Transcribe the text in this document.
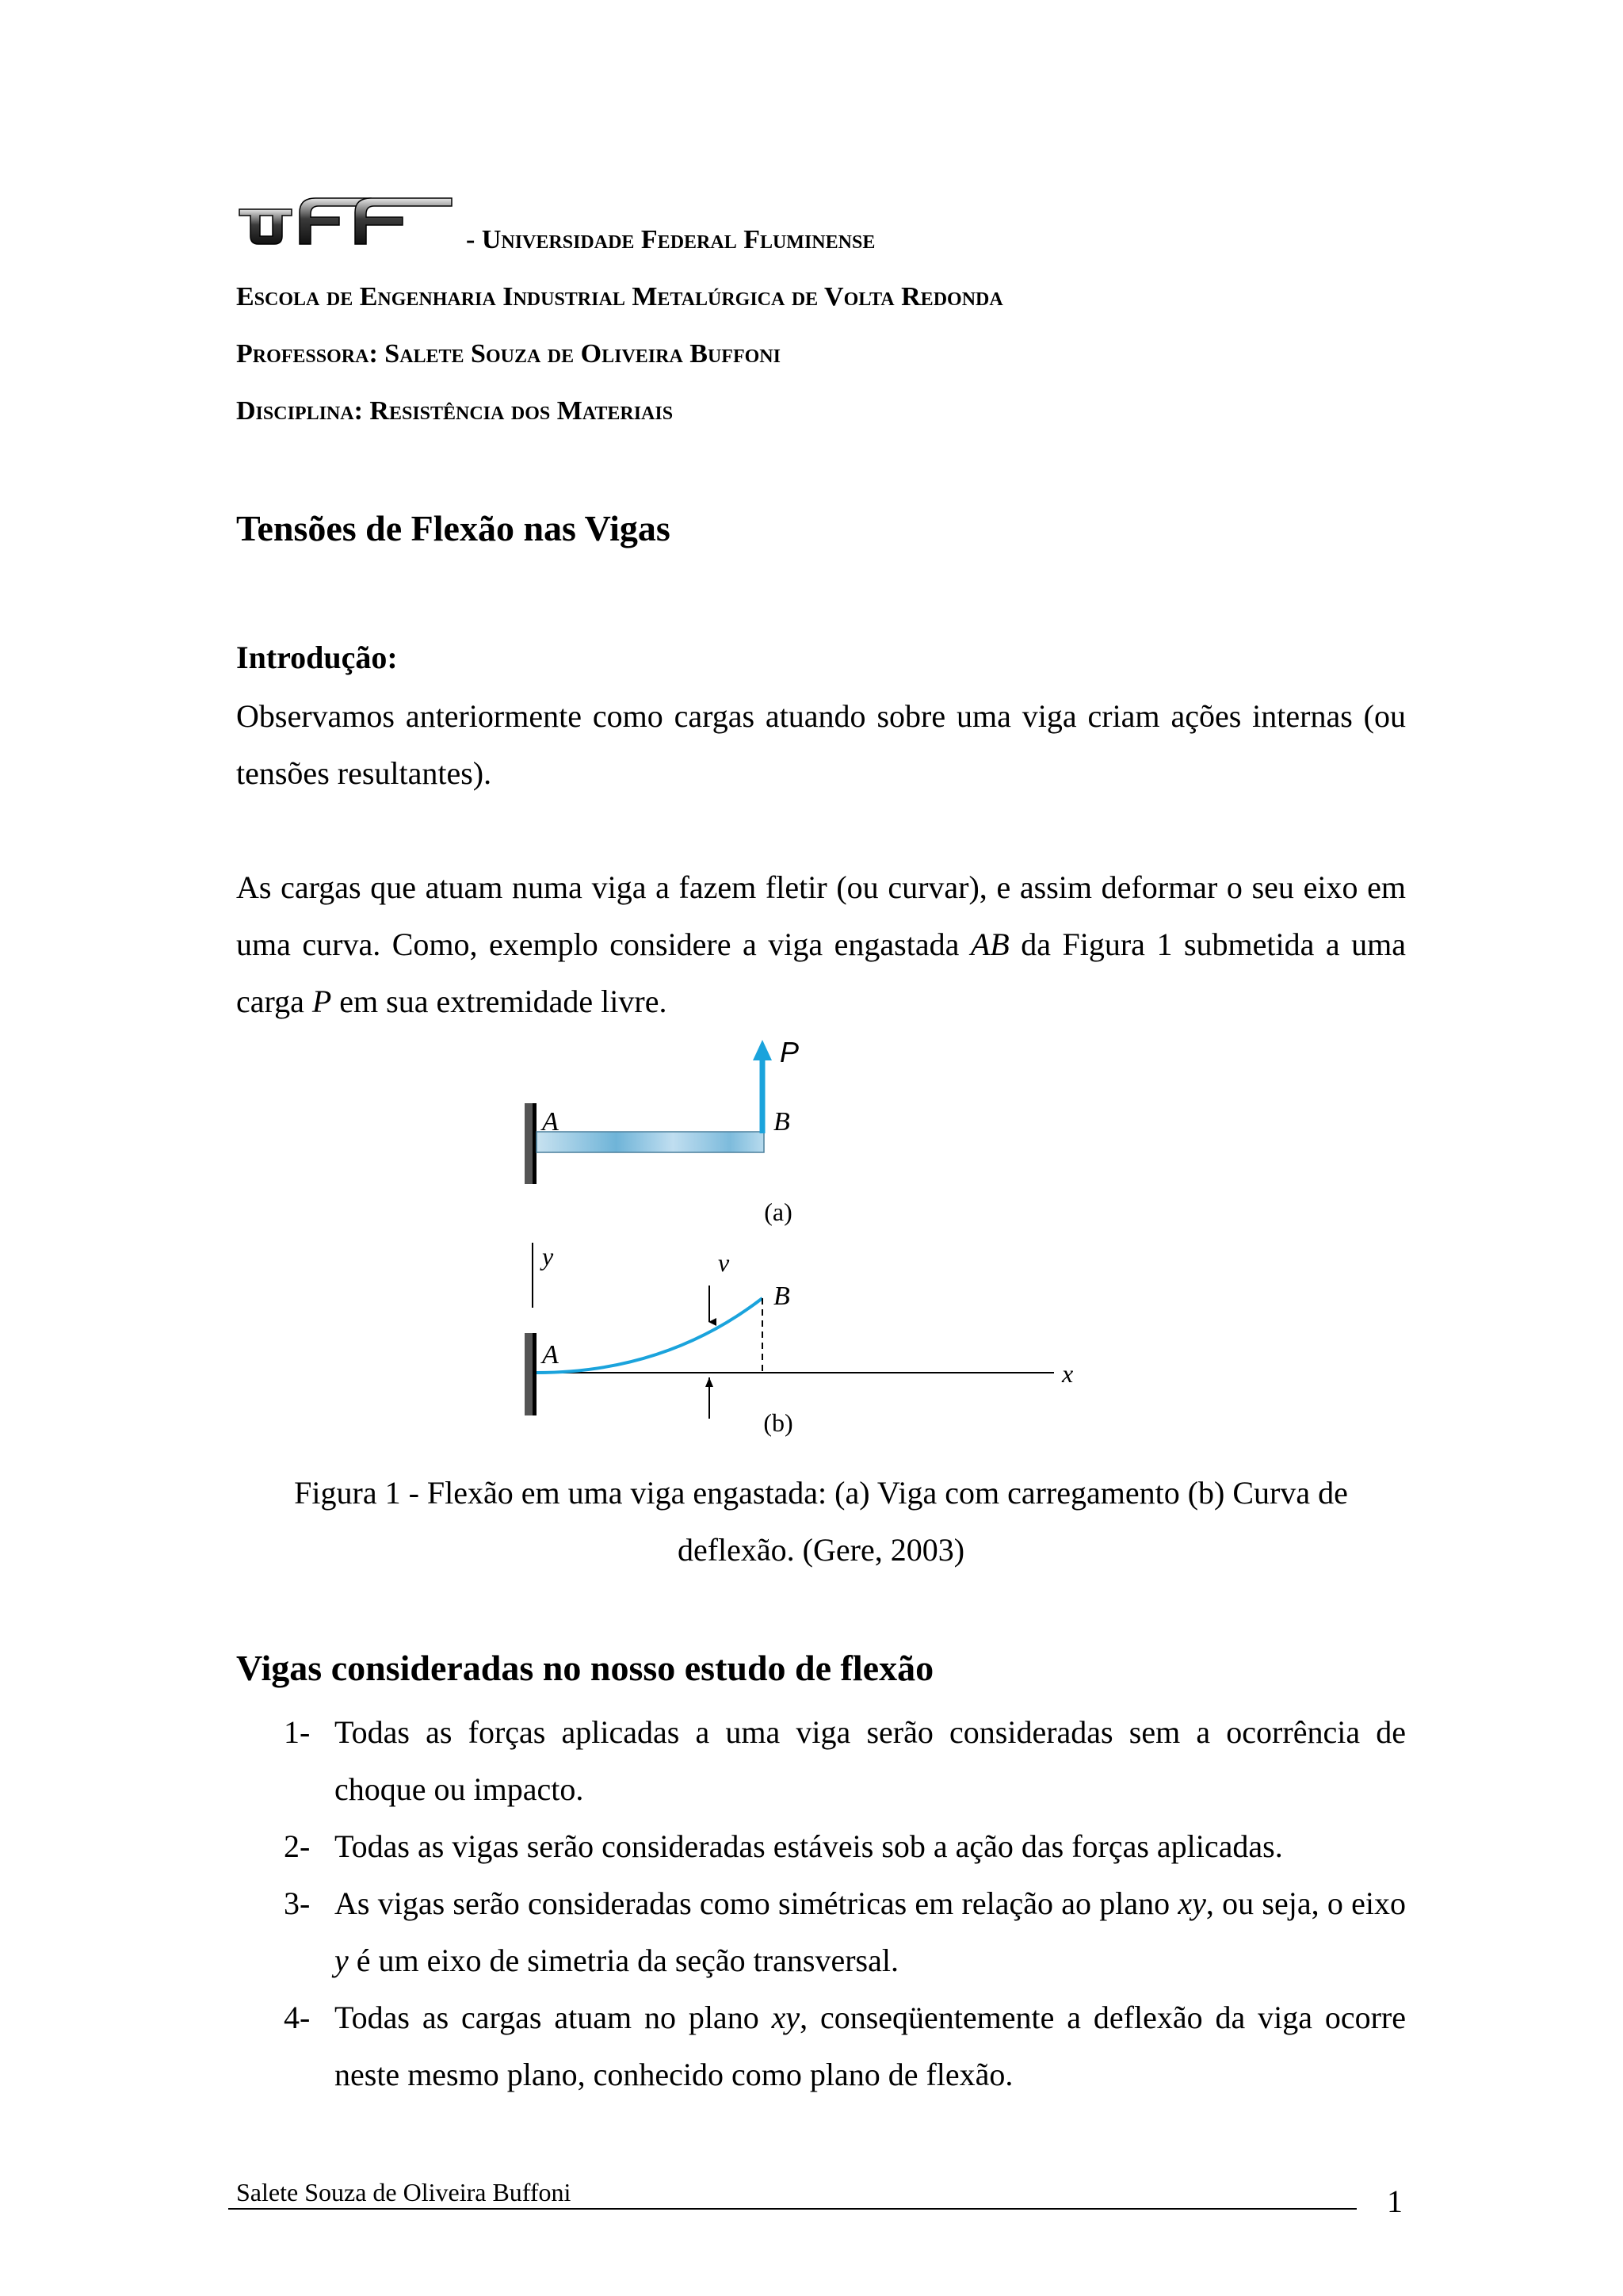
- Universidade Federal Fluminense
Escola de Engenharia Industrial Metalúrgica de Volta Redonda
Professora: Salete Souza de Oliveira Buffoni
Disciplina: Resistência dos Materiais
Tensões de Flexão nas Vigas
Introdução:
Observamos anteriormente como cargas atuando sobre uma viga criam ações internas (ou tensões resultantes).
As cargas que atuam numa viga a fazem fletir (ou curvar), e assim deformar o seu eixo em uma curva. Como, exemplo considere a viga engastada AB da Figura 1 submetida a uma carga P em sua extremidade livre.
P
A	B
(a)
y
x
B
A
v
(b)
Figura 1 - Flexão em uma viga engastada: (a) Viga com carregamento (b) Curva de deflexão. (Gere, 2003)
Vigas consideradas no nosso estudo de flexão
1- Todas as forças aplicadas a uma viga serão consideradas sem a ocorrência de choque ou impacto.
2- Todas as vigas serão consideradas estáveis sob a ação das forças aplicadas.
3- As vigas serão consideradas como simétricas em relação ao plano xy, ou seja, o eixo y é um eixo de simetria da seção transversal.
4- Todas as cargas atuam no plano xy, conseqüentemente a deflexão da viga ocorre neste mesmo plano, conhecido como plano de flexão.
Salete Souza de Oliveira Buffoni	1
